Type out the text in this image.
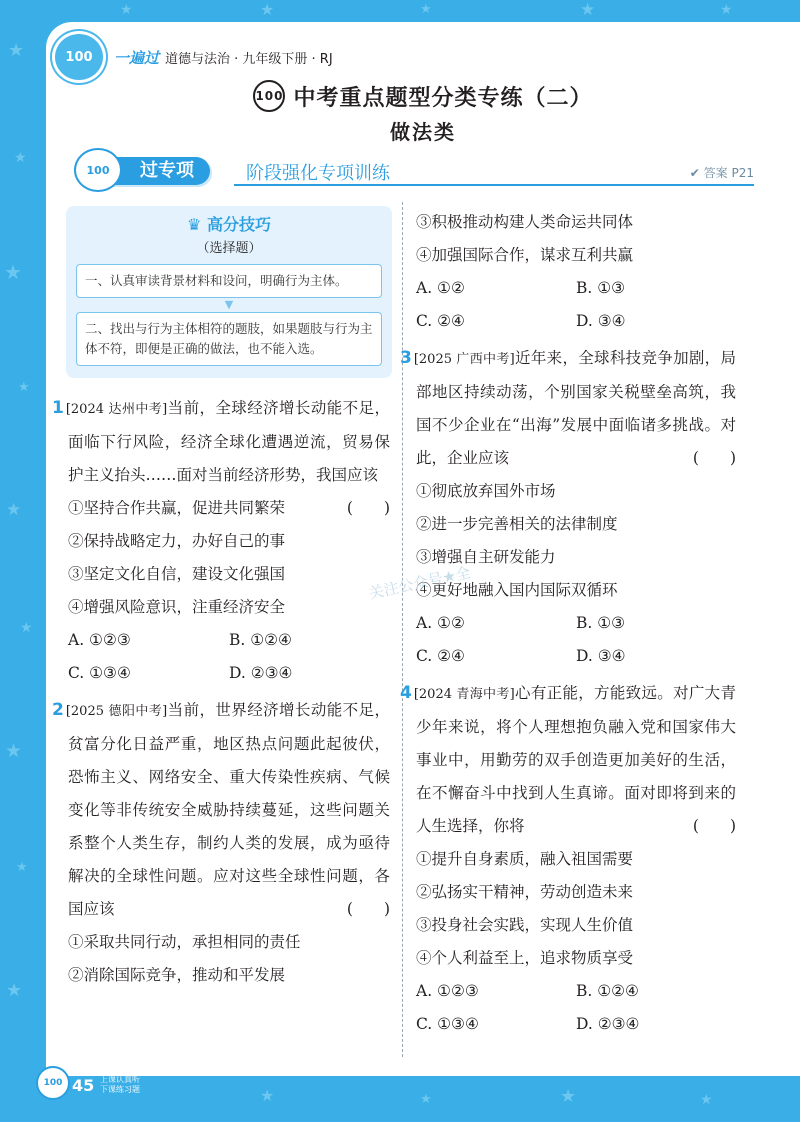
★
★
★
★
★
★
★
★
★
★	★	★	★	★
★	★	★	★
100	一遍过 道德与法治 · 九年级下册 · RJ
100 中考重点题型分类专练（二）
做法类
过专项
100	阶段强化专项训练	✔ 答案 P21
♛ 高分技巧
（选择题）
一、认真审读背景材料和设问，明确行为主体。
▼
二、找出与行为主体相符的题肢，如果题肢与行为主体不符，即便是正确的做法，也不能入选。
1 [2024 达州中考]当前，全球经济增长动能不足，面临下行风险，经济全球化遭遇逆流，贸易保护主义抬头……面对当前经济形势，我国应该
(　　)
①坚持合作共赢，促进共同繁荣
②保持战略定力，办好自己的事
③坚定文化自信，建设文化强国
④增强风险意识，注重经济安全
A. ①②③	B. ①②④
C. ①③④	D. ②③④
2 [2025 德阳中考]当前，世界经济增长动能不足，贫富分化日益严重，地区热点问题此起彼伏，恐怖主义、网络安全、重大传染性疾病、气候变化等非传统安全威胁持续蔓延，这些问题关系整个人类生存，制约人类的发展，成为亟待解决的全球性问题。应对这些全球性问题，各国应该	(　　)
①采取共同行动，承担相同的责任
②消除国际竞争，推动和平发展
③积极推动构建人类命运共同体
④加强国际合作，谋求互利共赢
A. ①②	B. ①③
C. ②④	D. ③④
3 [2025 广西中考]近年来，全球科技竞争加剧，局部地区持续动荡，个别国家关税壁垒高筑，我国不少企业在“出海”发展中面临诸多挑战。对此，企业应该	(　　)
①彻底放弃国外市场
②进一步完善相关的法律制度
③增强自主研发能力
④更好地融入国内国际双循环
A. ①②	B. ①③
C. ②④	D. ③④
4 [2024 青海中考]心有正能，方能致远。对广大青少年来说，将个人理想抱负融入党和国家伟大事业中，用勤劳的双手创造更加美好的生活，在不懈奋斗中找到人生真谛。面对即将到来的人生选择，你将	(　　)
①提升自身素质，融入祖国需要
②弘扬实干精神，劳动创造未来
③投身社会实践，实现人生价值
④个人利益至上，追求物质享受
A. ①②③	B. ①②④
C. ①③④	D. ②③④
关注公众号★全
100 45 上课认真听
下课练习题
